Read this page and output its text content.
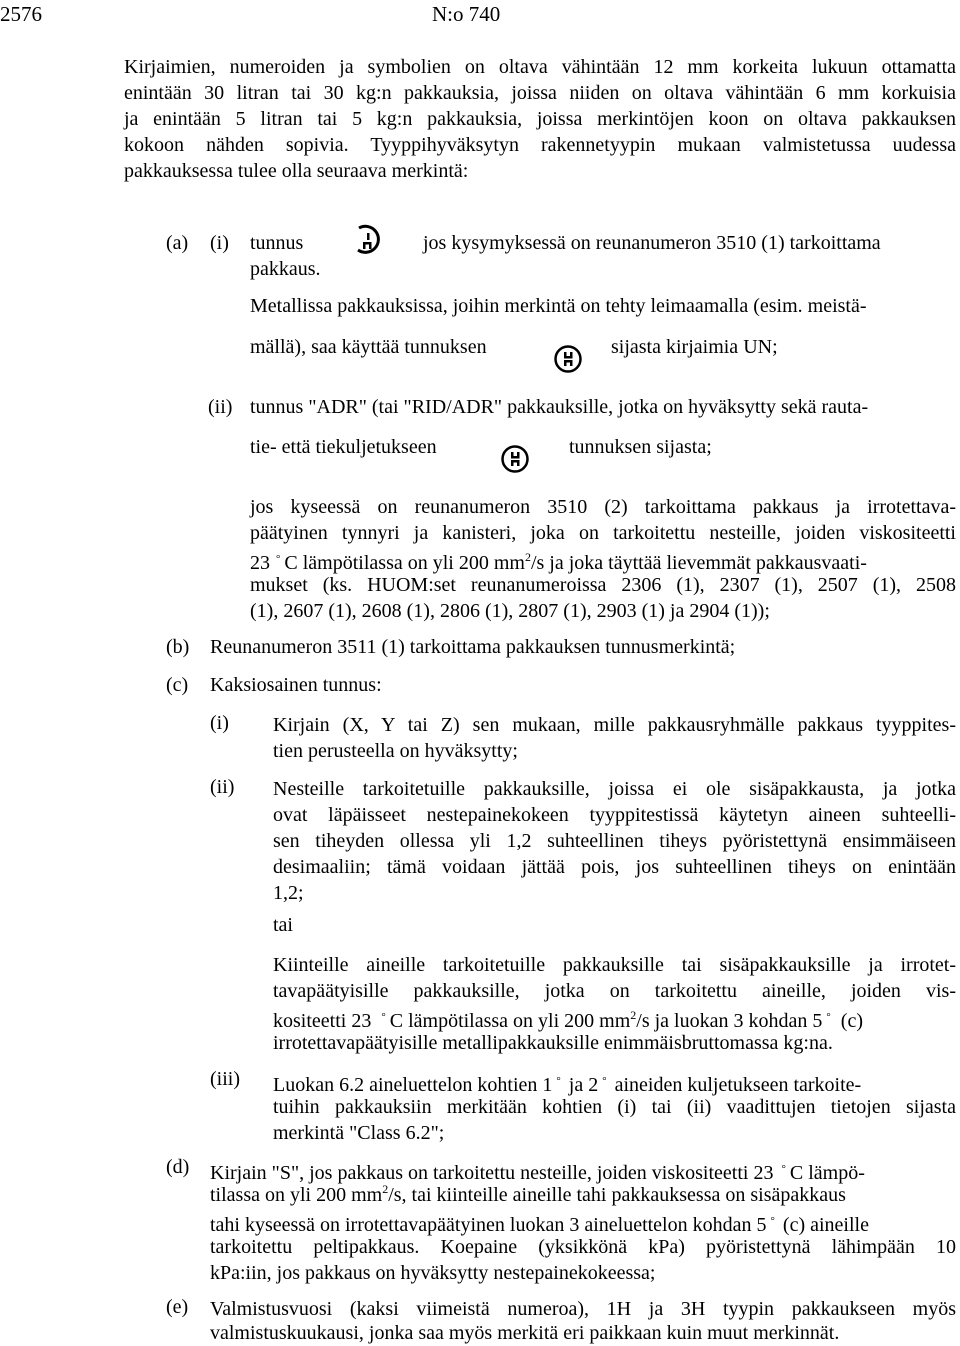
2576	N:o 740
Kirjaimien, numeroiden ja symbolien on oltava vähintään 12 mm korkeita lukuun ottamatta
enintään 30 litran tai 30 kg:n pakkauksia, joissa niiden on oltava vähintään 6 mm korkuisia
ja enintään 5 litran tai 5 kg:n pakkauksia, joissa merkintöjen koon on oltava pakkauksen
kokoon nähden sopivia. Tyyppihyväksytyn rakennetyypin mukaan valmistetussa uudessa
pakkauksessa tulee olla seuraava merkintä:
(a) (i) tunnus	jos kysymyksessä on reunanumeron 3510 (1) tarkoittama
pakkaus.
Metallissa pakkauksissa, joihin merkintä on tehty leimaamalla (esim. meistä-
mällä), saa käyttää tunnuksen	sijasta kirjaimia UN;
(ii) tunnus "ADR" (tai "RID/ADR" pakkauksille, jotka on hyväksytty sekä rauta-
tie- että tiekuljetukseen	tunnuksen sijasta;
jos kyseessä on reunanumeron 3510 (2) tarkoittama pakkaus ja irrotettava-
päätyinen tynnyri ja kanisteri, joka on tarkoitettu nesteille, joiden viskositeetti
23 ° C lämpötilassa on yli 200 $mm^2/s$ ja joka täyttää lievemmät pakkausvaati-
mukset (ks. HUOM:set reunanumeroissa 2306 (1), 2307 (1), 2507 (1), 2508
(1), 2607 (1), 2608 (1), 2806 (1), 2807 (1), 2903 (1) ja 2904 (1));
(b) Reunanumeron 3511 (1) tarkoittama pakkauksen tunnusmerkintä;
(c) Kaksiosainen tunnus:
(i) Kirjain (X, Y tai Z) sen mukaan, mille pakkausryhmälle pakkaus tyyppites-
tien perusteella on hyväksytty;
(ii) Nesteille tarkoitetuille pakkauksille, joissa ei ole sisäpakkausta, ja jotka
ovat läpäisseet nestepainekokeen tyyppitestissä käytetyn aineen suhteelli-
sen tiheyden ollessa yli 1,2 suhteellinen tiheys pyöristettynä ensimmäiseen
desimaaliin; tämä voidaan jättää pois, jos suhteellinen tiheys on enintään
1,2;
tai
Kiinteille aineille tarkoitetuille pakkauksille tai sisäpakkauksille ja irrotet-
tavapäätyisille pakkauksille, jotka on tarkoitettu aineille, joiden vis-
kositeetti 23 ° C lämpötilassa on yli 200 $mm^2/s$ ja luokan 3 kohdan 5 ° (c)
irrotettavapäätyisille metallipakkauksille enimmäisbruttomassa kg:na.
(iii) Luokan 6.2 aineluettelon kohtien 1 ° ja 2 ° aineiden kuljetukseen tarkoite-
tuihin pakkauksiin merkitään kohtien (i) tai (ii) vaadittujen tietojen sijasta
merkintä "Class 6.2";
(d) Kirjain "S", jos pakkaus on tarkoitettu nesteille, joiden viskositeetti 23 ° C lämpö-
tilassa on yli 200 $mm^2/s$, tai kiinteille aineille tahi pakkauksessa on sisäpakkaus
tahi kyseessä on irrotettavapäätyinen luokan 3 aineluettelon kohdan 5 ° (c) aineille
tarkoitettu peltipakkaus. Koepaine (yksikkönä kPa) pyöristettynä lähimpään 10
kPa:iin, jos pakkaus on hyväksytty nestepainekokeessa;
(e) Valmistusvuosi (kaksi viimeistä numeroa), 1H ja 3H tyypin pakkaukseen myös
valmistuskuukausi, jonka saa myös merkitä eri paikkaan kuin muut merkinnät.
